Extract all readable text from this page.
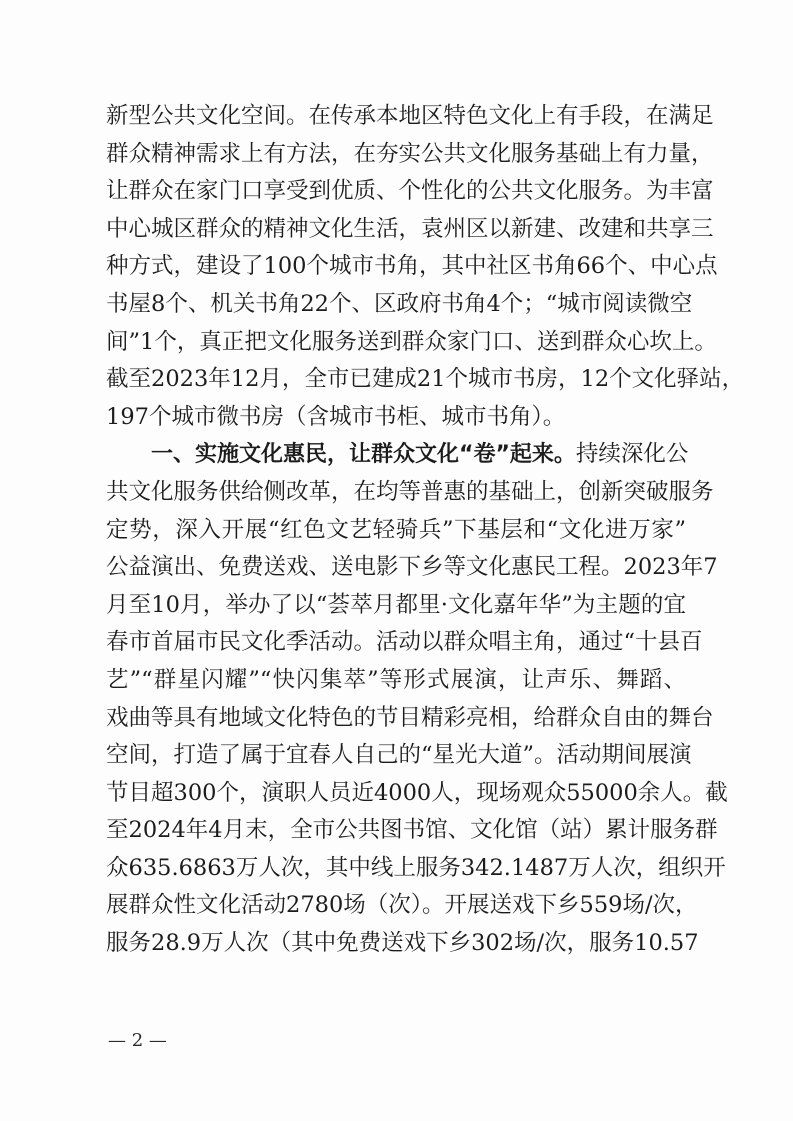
新型公共文化空间。在传承本地区特色文化上有手段，在满足
群众精神需求上有方法，在夯实公共文化服务基础上有力量，
让群众在家门口享受到优质、个性化的公共文化服务。为丰富
中心城区群众的精神文化生活，袁州区以新建、改建和共享三
种方式，建设了100个城市书角，其中社区书角66个、中心点
书屋8个、机关书角22个、区政府书角4个；“城市阅读微空
间”1个，真正把文化服务送到群众家门口、送到群众心坎上。
截至2023年12月，全市已建成21个城市书房，12个文化驿站，
197个城市微书房（含城市书柜、城市书角）。
一、实施文化惠民，让群众文化“卷”起来。持续深化公
共文化服务供给侧改革，在均等普惠的基础上，创新突破服务
定势，深入开展“红色文艺轻骑兵”下基层和“文化进万家”
公益演出、免费送戏、送电影下乡等文化惠民工程。2023年7
月至10月，举办了以“荟萃月都里·文化嘉年华”为主题的宜
春市首届市民文化季活动。活动以群众唱主角，通过“十县百
艺”“群星闪耀”“快闪集萃”等形式展演，让声乐、舞蹈、
戏曲等具有地域文化特色的节目精彩亮相，给群众自由的舞台
空间，打造了属于宜春人自己的“星光大道”。活动期间展演
节目超300个，演职人员近4000人，现场观众55000余人。截
至2024年4月末，全市公共图书馆、文化馆（站）累计服务群
众635.6863万人次，其中线上服务342.1487万人次，组织开
展群众性文化活动2780场（次）。开展送戏下乡559场/次，
服务28.9万人次（其中免费送戏下乡302场/次，服务10.57
— 2 —
